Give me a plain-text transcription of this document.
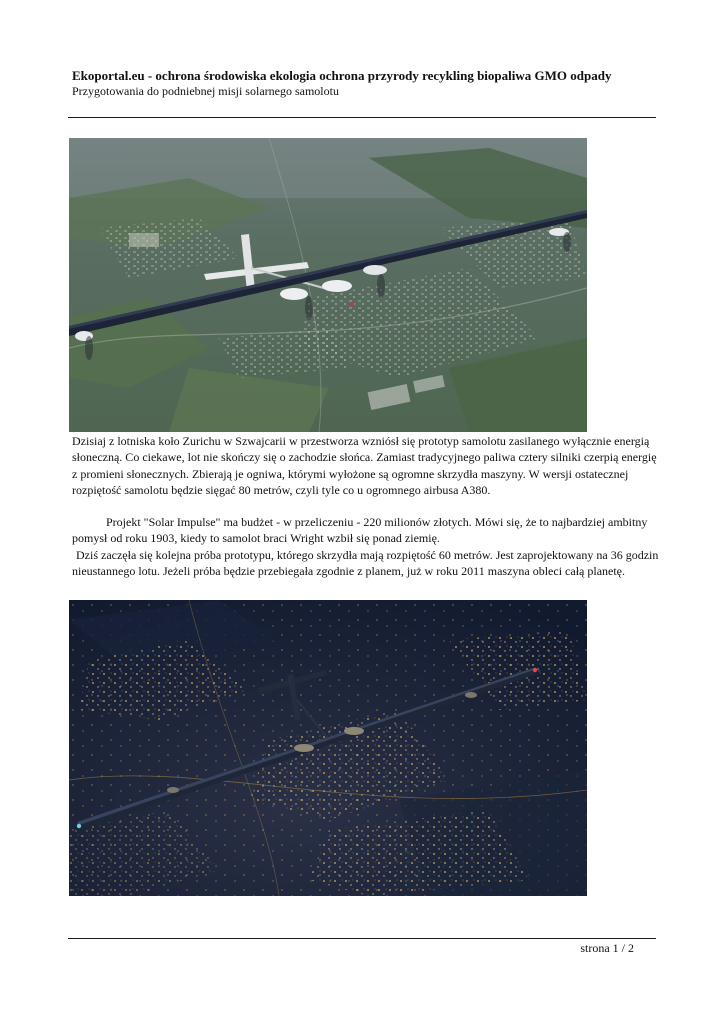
Ekoportal.eu - ochrona środowiska ekologia ochrona przyrody recykling biopaliwa GMO odpady
Przygotowania do podniebnej misji solarnego samolotu

Dzisiaj z lotniska koło Zurichu w Szwajcarii w przestworza wzniósł się prototyp samolotu zasilanego wyłącznie energią słoneczną. Co ciekawe, lot nie skończy się o zachodzie słońca. Zamiast tradycyjnego paliwa cztery silniki czerpią energię z promieni słonecznych. Zbierają je ogniwa, którymi wyłożone są ogromne skrzydła maszyny. W wersji ostatecznej rozpiętość samolotu będzie sięgać 80 metrów, czyli tyle co u ogromnego airbusa A380.

Projekt "Solar Impulse" ma budżet - w przeliczeniu - 220 milionów złotych. Mówi się, że to najbardziej ambitny pomysł od roku 1903, kiedy to samolot braci Wright wzbił się ponad ziemię.

Dziś zaczęła się kolejna próba prototypu, którego skrzydła mają rozpiętość 60 metrów. Jest zaprojektowany na 36 godzin nieustannego lotu. Jeżeli próba będzie przebiegała zgodnie z planem, już w roku 2011 maszyna obleci całą planetę.

strona 1 / 2
